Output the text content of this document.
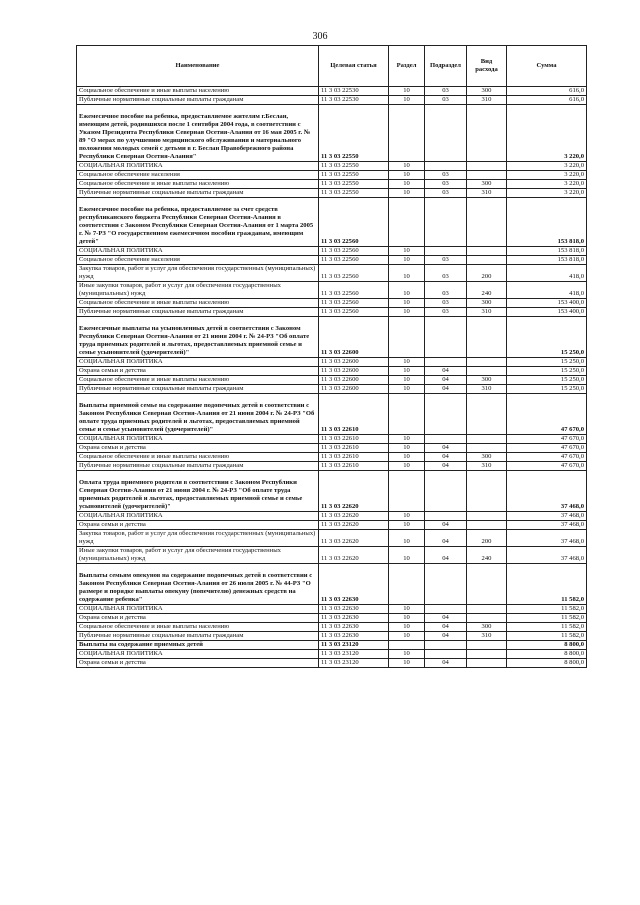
306
Наименование	Целевая статья	Раздел	Подраздел	Вид расхода	Сумма
Социальное обеспечение и иные выплаты населению	11 3 03 22530	10	03	300	616,0
Публичные нормативные социальные выплаты гражданам	11 3 03 22530	10	03	310	616,0
Ежемесячное пособие на ребенка, предоставляемое жителям г.Беслан, имеющим детей, родившихся после 1 сентября 2004 года, в соответствии с Указом Президента Республики Северная Осетия-Алания от 16 мая 2005 г. № 89 "О мерах по улучшению медицинского обслуживания и материального положения молодых семей с детьми в г. Беслан Правобережного района Республики Северная Осетия-Алания"	11 3 03 22550				3 220,0
СОЦИАЛЬНАЯ ПОЛИТИКА	11 3 03 22550	10			3 220,0
Социальное обеспечение населения	11 3 03 22550	10	03		3 220,0
Социальное обеспечение и иные выплаты населению	11 3 03 22550	10	03	300	3 220,0
Публичные нормативные социальные выплаты гражданам	11 3 03 22550	10	03	310	3 220,0
Ежемесячное пособие на ребенка, предоставляемое за счет средств республиканского бюджета Республики Северная Осетия-Алания в соответствии с Законом Республики Северная Осетия-Алания от 1 марта 2005 г. № 7-РЗ "О государственном ежемесячном пособии гражданам, имеющим детей"	11 3 03 22560				153 818,0
СОЦИАЛЬНАЯ ПОЛИТИКА	11 3 03 22560	10			153 818,0
Социальное обеспечение населения	11 3 03 22560	10	03		153 818,0
Закупка товаров, работ и услуг для обеспечения государственных (муниципальных) нужд	11 3 03 22560	10	03	200	418,0
Иные закупки товаров, работ и услуг для обеспечения государственных (муниципальных) нужд	11 3 03 22560	10	03	240	418,0
Социальное обеспечение и иные выплаты населению	11 3 03 22560	10	03	300	153 400,0
Публичные нормативные социальные выплаты гражданам	11 3 03 22560	10	03	310	153 400,0
Ежемесячные выплаты на усыновленных детей в соответствии с Законом Республики Северная Осетия-Алания от 21 июня 2004 г. № 24-РЗ "Об оплате труда приемных родителей и льготах, предоставляемых приемной семье и семье усыновителей (удочерителей)"	11 3 03 22600				15 250,0
СОЦИАЛЬНАЯ ПОЛИТИКА	11 3 03 22600	10			15 250,0
Охрана семьи и детства	11 3 03 22600	10	04		15 250,0
Социальное обеспечение и иные выплаты населению	11 3 03 22600	10	04	300	15 250,0
Публичные нормативные социальные выплаты гражданам	11 3 03 22600	10	04	310	15 250,0
Выплаты приемной семье на содержание подопечных детей в соответствии с Законом Республики Северная Осетия-Алания от 21 июня 2004 г. № 24-РЗ "Об оплате труда приемных родителей и льготах, предоставляемых приемной семье и семье усыновителей (удочерителей)"	11 3 03 22610				47 670,0
СОЦИАЛЬНАЯ ПОЛИТИКА	11 3 03 22610	10			47 670,0
Охрана семьи и детства	11 3 03 22610	10	04		47 670,0
Социальное обеспечение и иные выплаты населению	11 3 03 22610	10	04	300	47 670,0
Публичные нормативные социальные выплаты гражданам	11 3 03 22610	10	04	310	47 670,0
Оплата труда приемного родителя в соответствии с Законом Республики Северная Осетия-Алания от 21 июня 2004 г. № 24-РЗ "Об оплате труда приемных родителей и льготах, предоставляемых приемной семье и семье усыновителей (удочерителей)"	11 3 03 22620				37 468,0
СОЦИАЛЬНАЯ ПОЛИТИКА	11 3 03 22620	10			37 468,0
Охрана семьи и детства	11 3 03 22620	10	04		37 468,0
Закупка товаров, работ и услуг для обеспечения государственных (муниципальных) нужд	11 3 03 22620	10	04	200	37 468,0
Иные закупки товаров, работ и услуг для обеспечения государственных (муниципальных) нужд	11 3 03 22620	10	04	240	37 468,0
Выплаты семьям опекунов на содержание подопечных детей в соответствии с Законом Республики Северная Осетия-Алания от 26 июля 2005 г. № 44-РЗ "О размере и порядке выплаты опекуну (попечителю) денежных средств на содержание ребенка"	11 3 03 22630				11 582,0
СОЦИАЛЬНАЯ ПОЛИТИКА	11 3 03 22630	10			11 582,0
Охрана семьи и детства	11 3 03 22630	10	04		11 582,0
Социальное обеспечение и иные выплаты населению	11 3 03 22630	10	04	300	11 582,0
Публичные нормативные социальные выплаты гражданам	11 3 03 22630	10	04	310	11 582,0
Выплаты на содержание приемных детей	11 3 03 23120				8 800,0
СОЦИАЛЬНАЯ ПОЛИТИКА	11 3 03 23120	10			8 800,0
Охрана семьи и детства	11 3 03 23120	10	04		8 800,0
